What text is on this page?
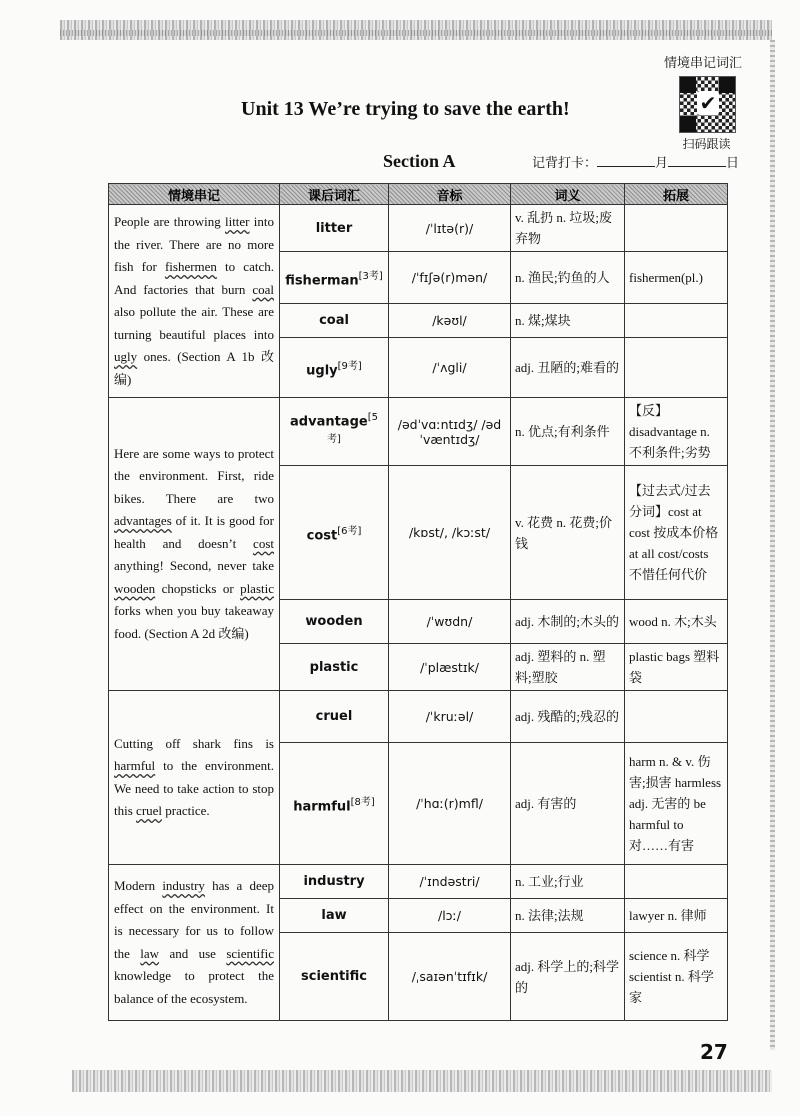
情境串记词汇
✔
扫码跟读
Unit 13 We’re trying to save the earth!
Section A	记背打卡：	月	日
情境串记	课后词汇	音标	词义	拓展
People are throwing litter into the river. There are no more fish for fishermen to catch. And factories that burn coal also pollute the air. These are turning beautiful places into ugly ones. (Section A 1b 改编)	litter	/ˈlɪtə(r)/	v. 乱扔 n. 垃圾;废弃物	
	fisherman[3考]	/ˈfɪʃə(r)mən/	n. 渔民;钓鱼的人	fishermen(pl.)
	coal	/kəʊl/	n. 煤;煤块	
	ugly[9考]	/ˈʌgli/	adj. 丑陋的;难看的	
Here are some ways to protect the environment. First, ride bikes. There are two advantages of it. It is good for health and doesn’t cost anything! Second, never take wooden chopsticks or plastic forks when you buy takeaway food. (Section A 2d 改编)	advantage[5考]	/ədˈvɑːntɪdʒ/ /ədˈvæntɪdʒ/	n. 优点;有利条件	【反】disadvantage n. 不利条件;劣势
	cost[6考]	/kɒst/, /kɔːst/	v. 花费 n. 花费;价钱	【过去式/过去分词】cost at cost 按成本价格 at all cost/costs 不惜任何代价
	wooden	/ˈwʊdn/	adj. 木制的;木头的	wood n. 木;木头
	plastic	/ˈplæstɪk/	adj. 塑料的 n. 塑料;塑胶	plastic bags 塑料袋
Cutting off shark fins is harmful to the environment. We need to take action to stop this cruel practice.	cruel	/ˈkruːəl/	adj. 残酷的;残忍的	
	harmful[8考]	/ˈhɑː(r)mfl/	adj. 有害的	harm n. & v. 伤害;损害 harmless adj. 无害的 be harmful to 对……有害
Modern industry has a deep effect on the environment. It is necessary for us to follow the law and use scientific knowledge to protect the balance of the ecosystem.	industry	/ˈɪndəstri/	n. 工业;行业	
	law	/lɔː/	n. 法律;法规	lawyer n. 律师
	scientific	/ˌsaɪənˈtɪfɪk/	adj. 科学上的;科学的	science n. 科学 scientist n. 科学家
27
